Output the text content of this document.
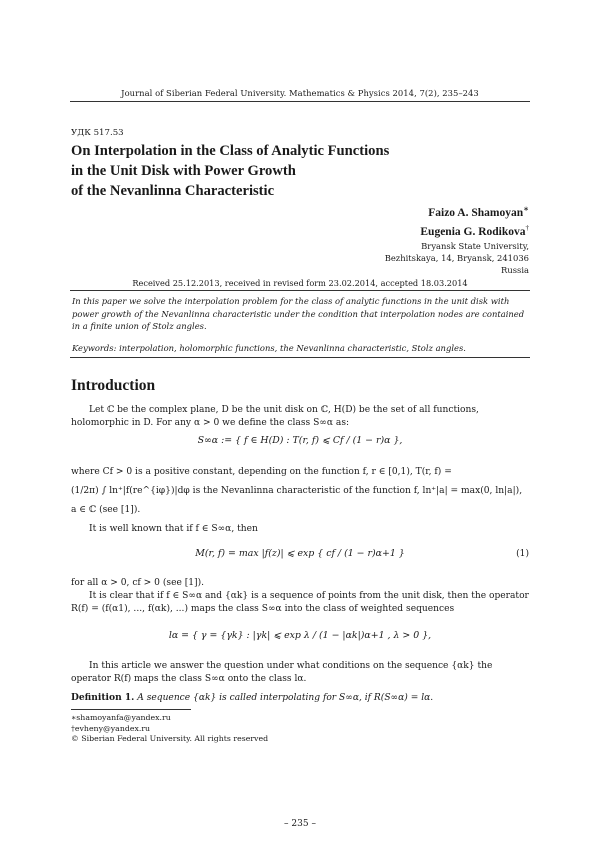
Journal of Siberian Federal University. Mathematics & Physics 2014, 7(2), 235–243
УДК 517.53
On Interpolation in the Class of Analytic Functions
in the Unit Disk with Power Growth
of the Nevanlinna Characteristic
Faizo A. Shamoyan∗
Eugenia G. Rodikova†
Bryansk State University,
Bezhitskaya, 14, Bryansk, 241036
Russia
Received 25.12.2013, received in revised form 23.02.2014, accepted 18.03.2014
In this paper we solve the interpolation problem for the class of analytic functions in the unit disk with power growth of the Nevanlinna characteristic under the condition that interpolation nodes are contained in a finite union of Stolz angles.
Keywords: interpolation, holomorphic functions, the Nevanlinna characteristic, Stolz angles.
Introduction
Let ℂ be the complex plane, D be the unit disk on ℂ, H(D) be the set of all functions, holomorphic in D. For any α > 0 we define the class S∞α as:
S∞α := { f ∈ H(D) : T(r, f) ⩽ Cf / (1 − r)α },
where Cf > 0 is a positive constant, depending on the function f, r ∈ [0,1), T(r, f) =
(1/2π) ∫ ln⁺|f(re^{iφ})|dφ is the Nevanlinna characteristic of the function f, ln⁺|a| = max(0, ln|a|),
a ∈ ℂ (see [1]).
It is well known that if f ∈ S∞α, then
M(r, f) = max |f(z)| ⩽ exp { cf / (1 − r)α+1 }	(1)
for all α > 0, cf > 0 (see [1]).
It is clear that if f ∈ S∞α and {αk} is a sequence of points from the unit disk, then the operator R(f) = (f(α1), ..., f(αk), ...) maps the class S∞α into the class of weighted sequences
lα = { γ = {γk} : |γk| ⩽ exp λ / (1 − |αk|)α+1 , λ > 0 },
In this article we answer the question under what conditions on the sequence {αk} the operator R(f) maps the class S∞α onto the class lα.
Definition 1. A sequence {αk} is called interpolating for S∞α, if R(S∞α) = lα.
∗shamoyanfa@yandex.ru
†evheny@yandex.ru
© Siberian Federal University. All rights reserved
– 235 –
